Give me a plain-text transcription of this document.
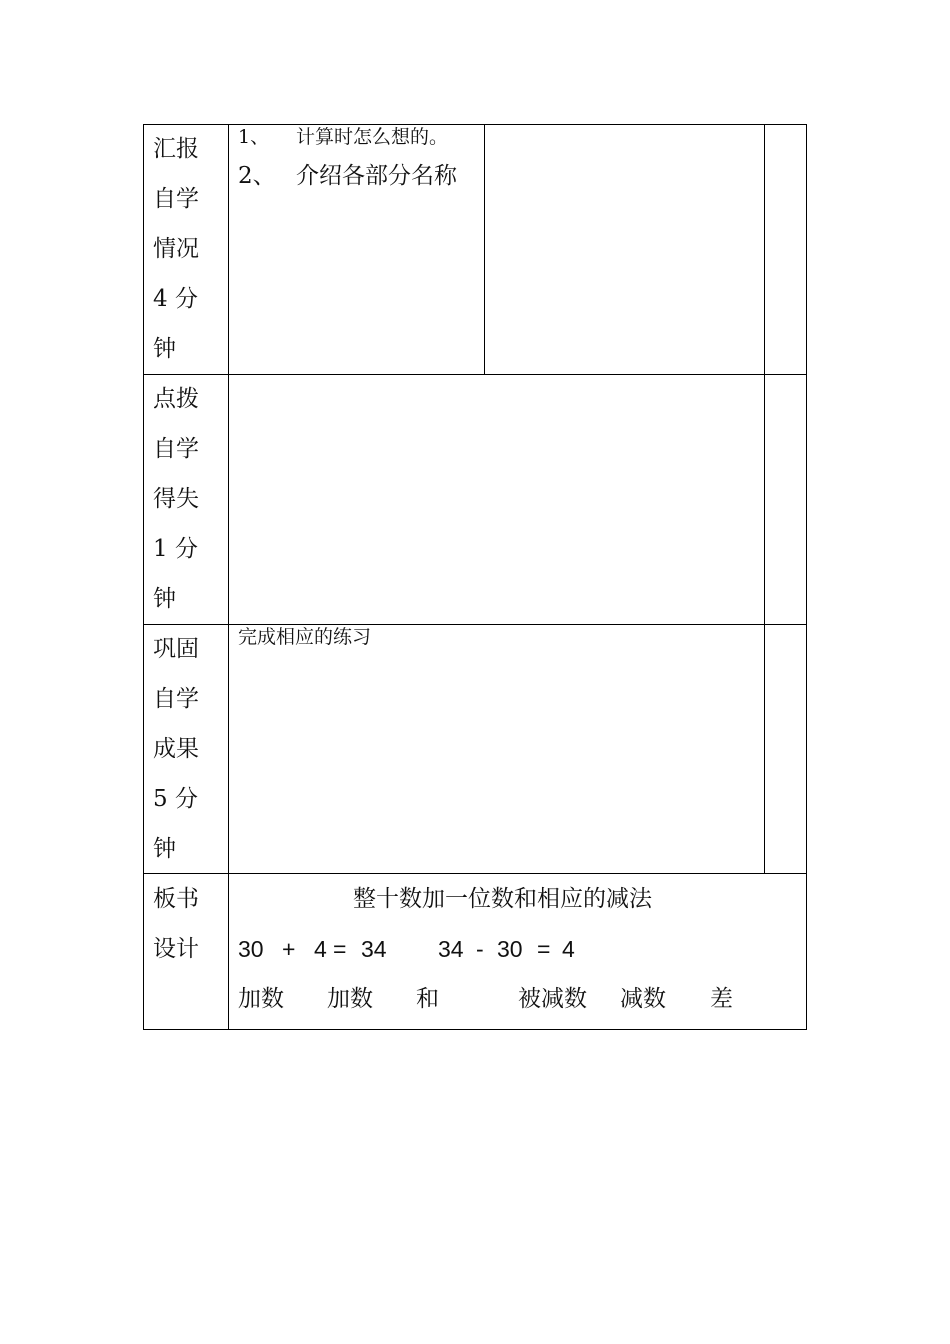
汇报
自学
情况
4 分
钟
1、 计算时怎么想的。
2、 介绍各部分名称
点拨
自学
得失
1 分
钟
巩固
自学
成果
5 分
钟
完成相应的练习
板书
设计
整十数加一位数和相应的减法
30 + 4 = 34 34 - 30 = 4
加数 加数 和	被减数 减数 差
